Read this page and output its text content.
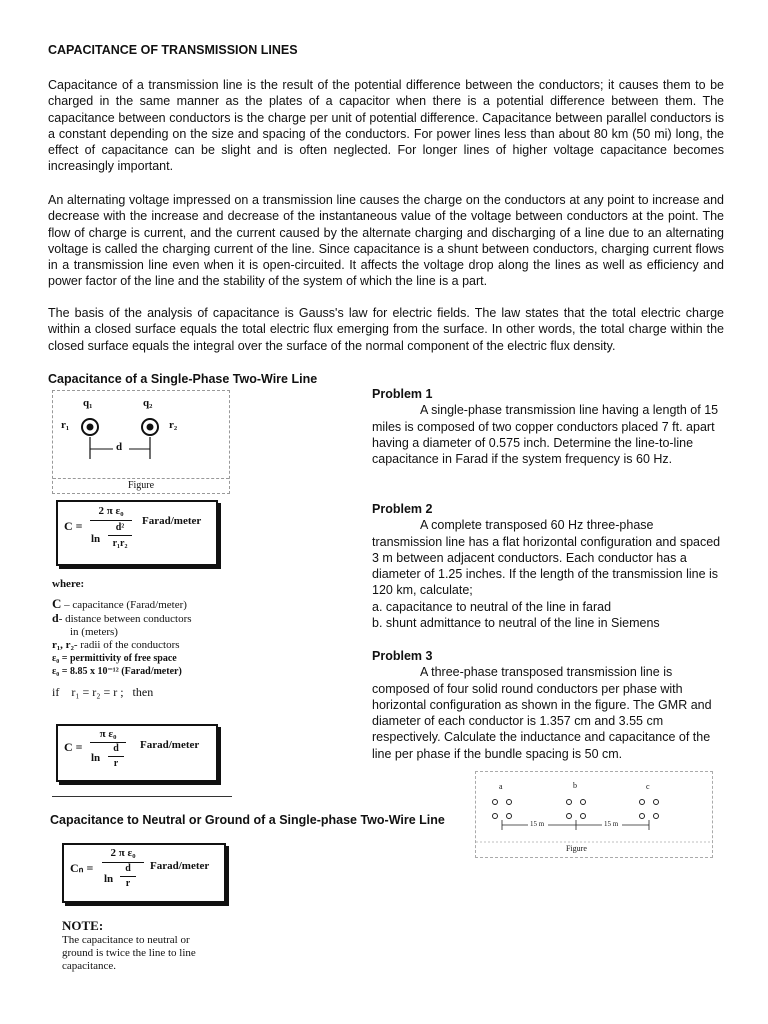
CAPACITANCE OF TRANSMISSION LINES
Capacitance of a transmission line is the result of the potential difference between the conductors; it causes them to be charged in the same manner as the plates of a capacitor when there is a potential difference between them. The capacitance between conductors is the charge per unit of potential difference. Capacitance between parallel conductors is a constant depending on the size and spacing of the conductors. For power lines less than about 80 km (50 mi) long, the effect of capacitance can be slight and is often neglected. For longer lines of higher voltage capacitance becomes increasingly important.
An alternating voltage impressed on a transmission line causes the charge on the conductors at any point to increase and decrease with the increase and decrease of the instantaneous value of the voltage between conductors at the point. The flow of charge is current, and the current caused by the alternate charging and discharging of a line due to an alternating voltage is called the charging current of the line. Since capacitance is a shunt between conductors, charging current flows in a transmission line even when it is open-circuited. It affects the voltage drop along the lines as well as efficiency and power factor of the line and the stability of the system of which the line is a part.
The basis of the analysis of capacitance is Gauss's law for electric fields. The law states that the total electric charge within a closed surface equals the total electric flux emerging from the surface. In other words, the total charge within the closed surface equals the integral over the surface of the normal component of the electric flux density.
Capacitance of a Single-Phase Two-Wire Line
q₁	q₂
r₁	r₂
d
Figure
C =
2 π ε₀
ln
d²
r₁r₂
Farad/meter
where:
C – capacitance (Farad/meter)
d- distance between conductors
in (meters)
r₁, r₂- radii of the conductors
ε₀ = permittivity of free space
ε₀ = 8.85 x 10⁻¹² (Farad/meter)
if    r₁ = r₂ = r ;   then
C =
π ε₀
ln
d
r
Farad/meter
Capacitance to Neutral or Ground of a Single-phase Two-Wire Line
Cₙ =
2 π ε₀
ln
d
r
Farad/meter
NOTE:
The capacitance to neutral or
ground is twice the line to line
capacitance.
Problem 1
A single-phase transmission line having a length of 15 miles is composed of two copper conductors placed 7 ft. apart having a diameter of 0.575 inch. Determine the line-to-line capacitance in Farad if the system frequency is 60 Hz.
Problem 2
A complete transposed 60 Hz three-phase transmission line has a flat horizontal configuration and spaced 3 m between adjacent conductors. Each conductor has a diameter of 1.25 inches. If the length of the transmission line is 120 km, calculate;
a. capacitance to neutral of the line in farad
b. shunt admittance to neutral of the line in Siemens
Problem 3
A three-phase transposed transmission line is composed of four solid round conductors per phase with horizontal configuration as shown in the figure. The GMR and diameter of each conductor is 1.357 cm and 3.55 cm respectively. Calculate the inductance and capacitance of the line per phase if the bundle spacing is 50 cm.
a	b	c
15 m	15 m
Figure
